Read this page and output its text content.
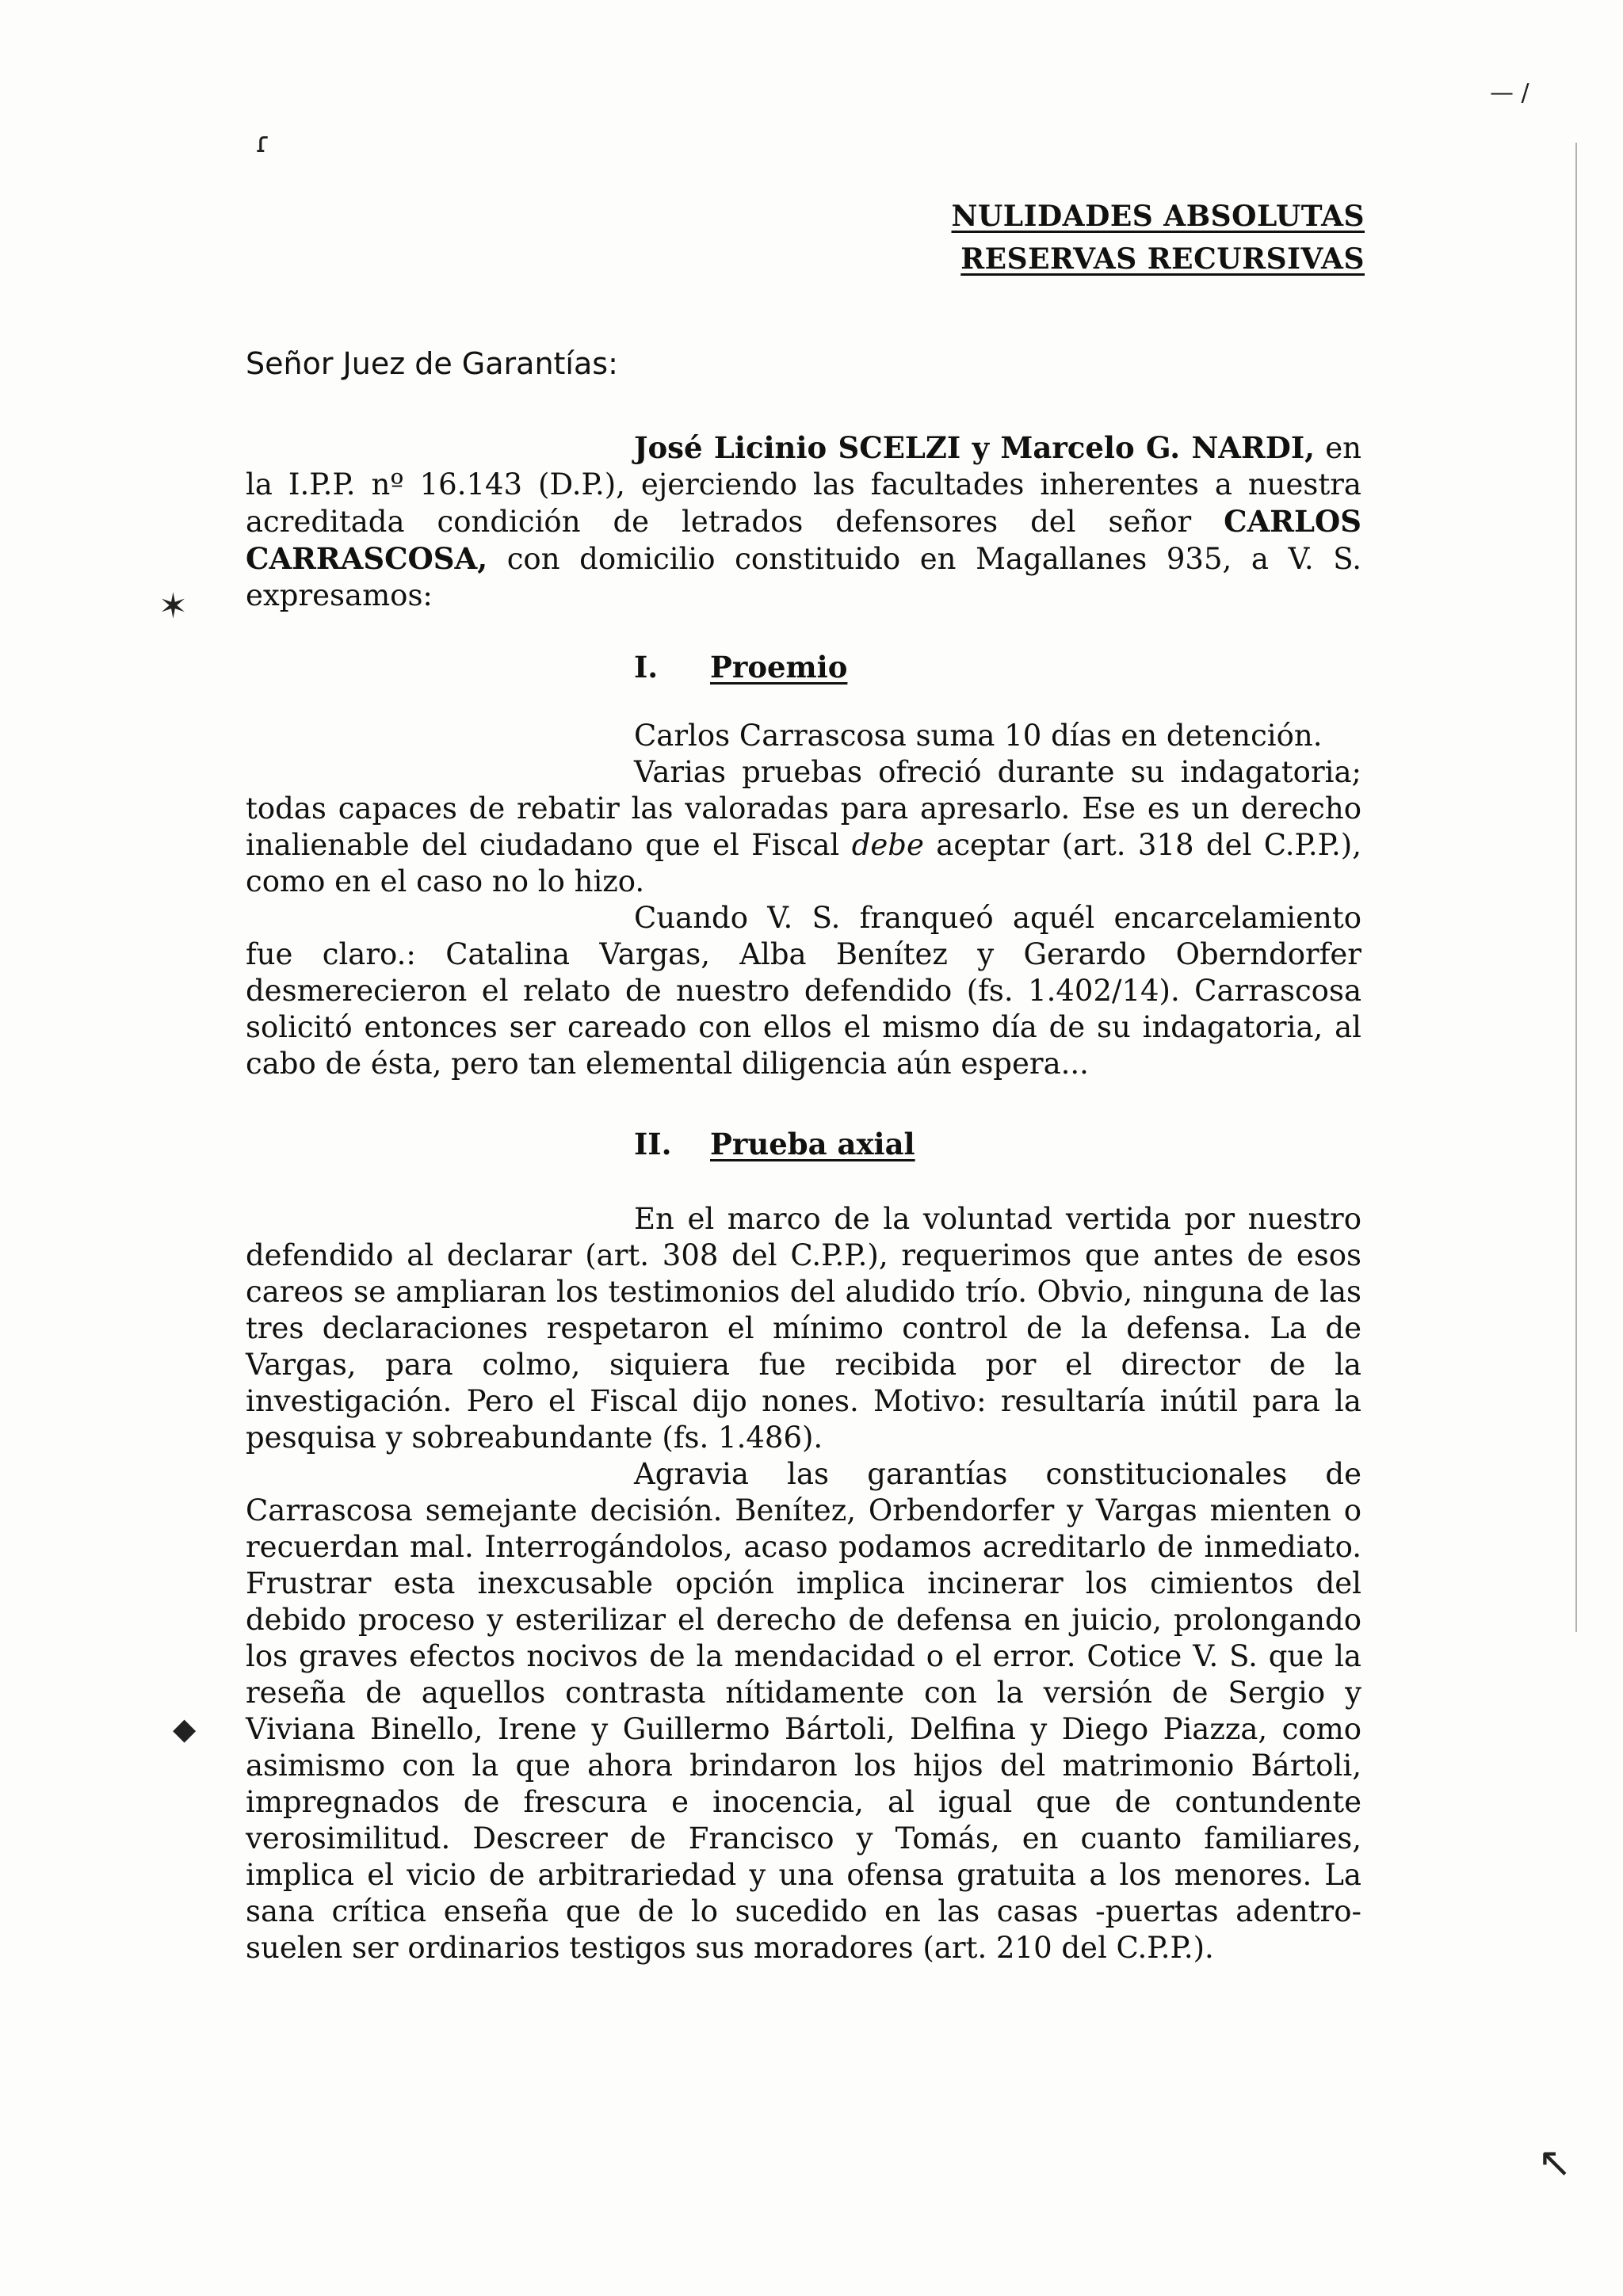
ɾ
— /
✶
◆
↖
NULIDADES ABSOLUTAS
RESERVAS RECURSIVAS
Señor Juez de Garantías:

José Licinio SCELZI y Marcelo G. NARDI, en la I.P.P. nº 16.143 (D.P.), ejerciendo las facultades inherentes a nuestra acreditada condición de letrados defensores del señor CARLOS CARRASCOSA, con domicilio constituido en Magallanes 935, a V. S. expresamos:

I. Proemio

Carlos Carrascosa suma 10 días en detención.

Varias pruebas ofreció durante su indagatoria; todas capaces de rebatir las valoradas para apresarlo. Ese es un derecho inalienable del ciudadano que el Fiscal debe aceptar (art. 318 del C.P.P.), como en el caso no lo hizo.

Cuando V. S. franqueó aquél encarcelamiento fue claro.: Catalina Vargas, Alba Benítez y Gerardo Oberndorfer desmerecieron el relato de nuestro defendido (fs. 1.402/14). Carrascosa solicitó entonces ser careado con ellos el mismo día de su indagatoria, al cabo de ésta, pero tan elemental diligencia aún espera...

II. Prueba axial

En el marco de la voluntad vertida por nuestro defendido al declarar (art. 308 del C.P.P.), requerimos que antes de esos careos se ampliaran los testimonios del aludido trío. Obvio, ninguna de las tres declaraciones respetaron el mínimo control de la defensa. La de Vargas, para colmo, siquiera fue recibida por el director de la investigación. Pero el Fiscal dijo nones. Motivo: resultaría inútil para la pesquisa y sobreabundante (fs. 1.486).

Agravia las garantías constitucionales de Carrascosa semejante decisión. Benítez, Orbendorfer y Vargas mienten o recuerdan mal. Interrogándolos, acaso podamos acreditarlo de inmediato. Frustrar esta inexcusable opción implica incinerar los cimientos del debido proceso y esterilizar el derecho de defensa en juicio, prolongando los graves efectos nocivos de la mendacidad o el error. Cotice V. S. que la reseña de aquellos contrasta nítidamente con la versión de Sergio y Viviana Binello, Irene y Guillermo Bártoli, Delfina y Diego Piazza, como asimismo con la que ahora brindaron los hijos del matrimonio Bártoli, impregnados de frescura e inocencia, al igual que de contundente verosimilitud. Descreer de Francisco y Tomás, en cuanto familiares, implica el vicio de arbitrariedad y una ofensa gratuita a los menores. La sana crítica enseña que de lo sucedido en las casas -puertas adentro- suelen ser ordinarios testigos sus moradores (art. 210 del C.P.P.).
